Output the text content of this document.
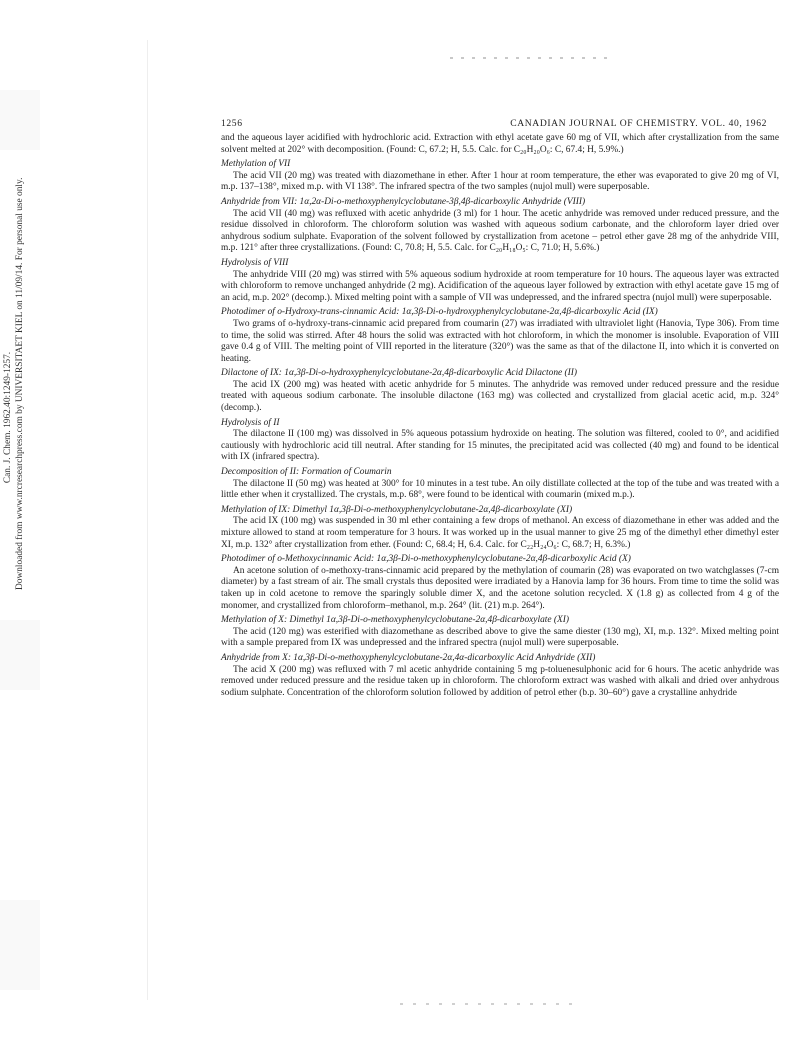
Can. J. Chem. 1962.40:1249-1257. Downloaded from www.nrcresearchpress.com by UNIVERSITAET KIEL on 11/09/14. For personal use only.
1256	CANADIAN JOURNAL OF CHEMISTRY. VOL. 40, 1962

and the aqueous layer acidified with hydrochloric acid. Extraction with ethyl acetate gave 60 mg of VII, which after crystallization from the same solvent melted at 202° with decomposition. (Found: C, 67.2; H, 5.5. Calc. for C₂₀H₂₀O₆: C, 67.4; H, 5.9%.)

Methylation of VII

The acid VII (20 mg) was treated with diazomethane in ether. After 1 hour at room temperature, the ether was evaporated to give 20 mg of VI, m.p. 137–138°, mixed m.p. with VI 138°. The infrared spectra of the two samples (nujol mull) were superposable.

Anhydride from VII: 1α,2α-Di-o-methoxyphenylcyclobutane-3β,4β-dicarboxylic Anhydride (VIII)

The acid VII (40 mg) was refluxed with acetic anhydride (3 ml) for 1 hour. The acetic anhydride was removed under reduced pressure, and the residue dissolved in chloroform. The chloroform solution was washed with aqueous sodium carbonate, and the chloroform layer dried over anhydrous sodium sulphate. Evaporation of the solvent followed by crystallization from acetone – petrol ether gave 28 mg of the anhydride VIII, m.p. 121° after three crystallizations. (Found: C, 70.8; H, 5.5. Calc. for C₂₀H₁₈O₅: C, 71.0; H, 5.6%.)

Hydrolysis of VIII

The anhydride VIII (20 mg) was stirred with 5% aqueous sodium hydroxide at room temperature for 10 hours. The aqueous layer was extracted with chloroform to remove unchanged anhydride (2 mg). Acidification of the aqueous layer followed by extraction with ethyl acetate gave 15 mg of an acid, m.p. 202° (decomp.). Mixed melting point with a sample of VII was undepressed, and the infrared spectra (nujol mull) were superposable.

Photodimer of o-Hydroxy-trans-cinnamic Acid: 1α,3β-Di-o-hydroxyphenylcyclobutane-2α,4β-dicarboxylic Acid (IX)

Two grams of o-hydroxy-trans-cinnamic acid prepared from coumarin (27) was irradiated with ultraviolet light (Hanovia, Type 306). From time to time, the solid was stirred. After 48 hours the solid was extracted with hot chloroform, in which the monomer is insoluble. Evaporation of VIII gave 0.4 g of VIII. The melting point of VIII reported in the literature (320°) was the same as that of the dilactone II, into which it is converted on heating.

Dilactone of IX: 1α,3β-Di-o-hydroxyphenylcyclobutane-2α,4β-dicarboxylic Acid Dilactone (II)

The acid IX (200 mg) was heated with acetic anhydride for 5 minutes. The anhydride was removed under reduced pressure and the residue treated with aqueous sodium carbonate. The insoluble dilactone (163 mg) was collected and crystallized from glacial acetic acid, m.p. 324° (decomp.).

Hydrolysis of II

The dilactone II (100 mg) was dissolved in 5% aqueous potassium hydroxide on heating. The solution was filtered, cooled to 0°, and acidified cautiously with hydrochloric acid till neutral. After standing for 15 minutes, the precipitated acid was collected (40 mg) and found to be identical with IX (infrared spectra).

Decomposition of II: Formation of Coumarin

The dilactone II (50 mg) was heated at 300° for 10 minutes in a test tube. An oily distillate collected at the top of the tube and was treated with a little ether when it crystallized. The crystals, m.p. 68°, were found to be identical with coumarin (mixed m.p.).

Methylation of IX: Dimethyl 1α,3β-Di-o-methoxyphenylcyclobutane-2α,4β-dicarboxylate (XI)

The acid IX (100 mg) was suspended in 30 ml ether containing a few drops of methanol. An excess of diazomethane in ether was added and the mixture allowed to stand at room temperature for 3 hours. It was worked up in the usual manner to give 25 mg of the dimethyl ether dimethyl ester XI, m.p. 132° after crystallization from ether. (Found: C, 68.4; H, 6.4. Calc. for C₂₂H₂₄O₆: C, 68.7; H, 6.3%.)

Photodimer of o-Methoxycinnamic Acid: 1α,3β-Di-o-methoxyphenylcyclobutane-2α,4β-dicarboxylic Acid (X)

An acetone solution of o-methoxy-trans-cinnamic acid prepared by the methylation of coumarin (28) was evaporated on two watchglasses (7-cm diameter) by a fast stream of air. The small crystals thus deposited were irradiated by a Hanovia lamp for 36 hours. From time to time the solid was taken up in cold acetone to remove the sparingly soluble dimer X, and the acetone solution recycled. X (1.8 g) as collected from 4 g of the monomer, and crystallized from chloroform–methanol, m.p. 264° (lit. (21) m.p. 264°).

Methylation of X: Dimethyl 1α,3β-Di-o-methoxyphenylcyclobutane-2α,4β-dicarboxylate (XI)

The acid (120 mg) was esterified with diazomethane as described above to give the same diester (130 mg), XI, m.p. 132°. Mixed melting point with a sample prepared from IX was undepressed and the infrared spectra (nujol mull) were superposable.

Anhydride from X: 1α,3β-Di-o-methoxyphenylcyclobutane-2α,4α-dicarboxylic Acid Anhydride (XII)

The acid X (200 mg) was refluxed with 7 ml acetic anhydride containing 5 mg p-toluenesulphonic acid for 6 hours. The acetic anhydride was removed under reduced pressure and the residue taken up in chloroform. The chloroform extract was washed with alkali and dried over anhydrous sodium sulphate. Concentration of the chloroform solution followed by addition of petrol ether (b.p. 30–60°) gave a crystalline anhydride
